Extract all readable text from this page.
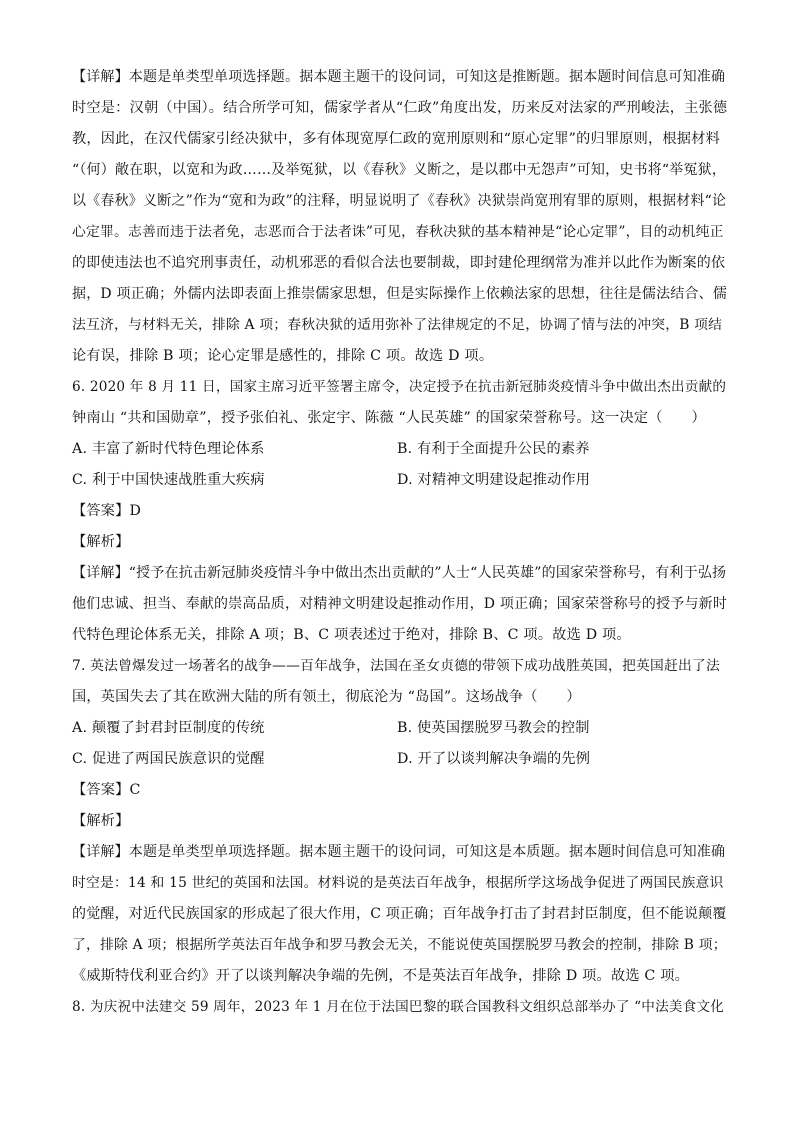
【详解】本题是单类型单项选择题。据本题主题干的设问词，可知这是推断题。据本题时间信息可知准确
时空是：汉朝（中国）。结合所学可知，儒家学者从“仁政”角度出发，历来反对法家的严刑峻法，主张德
教，因此，在汉代儒家引经决狱中，多有体现宽厚仁政的宽刑原则和“原心定罪”的归罪原则，根据材料
“（何）敞在职，以宽和为政……及举冤狱，以《春秋》义断之，是以郡中无怨声”可知，史书将“举冤狱，
以《春秋》义断之”作为“宽和为政”的注释，明显说明了《春秋》决狱崇尚宽刑宥罪的原则，根据材料“论
心定罪。志善而违于法者免，志恶而合于法者诛”可见，春秋决狱的基本精神是“论心定罪”，目的动机纯正
的即使违法也不追究刑事责任，动机邪恶的看似合法也要制裁，即封建伦理纲常为准并以此作为断案的依
据，D 项正确；外儒内法即表面上推崇儒家思想，但是实际操作上依赖法家的思想，往往是儒法结合、儒
法互济，与材料无关，排除 A 项；春秋决狱的适用弥补了法律规定的不足，协调了情与法的冲突，B 项结
论有误，排除 B 项；论心定罪是感性的，排除 C 项。故选 D 项。
6. 2020 年 8 月 11 日，国家主席习近平签署主席令，决定授予在抗击新冠肺炎疫情斗争中做出杰出贡献的
钟南山 “共和国勋章”，授予张伯礼、张定宇、陈薇 “人民英雄” 的国家荣誉称号。这一决定（　　）
A. 丰富了新时代特色理论体系	B. 有利于全面提升公民的素养
C. 利于中国快速战胜重大疾病	D. 对精神文明建设起推动作用
【答案】D
【解析】
【详解】“授予在抗击新冠肺炎疫情斗争中做出杰出贡献的”人士“人民英雄”的国家荣誉称号，有利于弘扬
他们忠诚、担当、奉献的崇高品质，对精神文明建设起推动作用，D 项正确；国家荣誉称号的授予与新时
代特色理论体系无关，排除 A 项；B、C 项表述过于绝对，排除 B、C 项。故选 D 项。
7. 英法曾爆发过一场著名的战争——百年战争，法国在圣女贞德的带领下成功战胜英国，把英国赶出了法
国，英国失去了其在欧洲大陆的所有领土，彻底沦为 “岛国”。这场战争（　　）
A. 颠覆了封君封臣制度的传统	B. 使英国摆脱罗马教会的控制
C. 促进了两国民族意识的觉醒	D. 开了以谈判解决争端的先例
【答案】C
【解析】
【详解】本题是单类型单项选择题。据本题主题干的设问词，可知这是本质题。据本题时间信息可知准确
时空是：14 和 15 世纪的英国和法国。材料说的是英法百年战争，根据所学这场战争促进了两国民族意识
的觉醒，对近代民族国家的形成起了很大作用，C 项正确；百年战争打击了封君封臣制度，但不能说颠覆
了，排除 A 项；根据所学英法百年战争和罗马教会无关，不能说使英国摆脱罗马教会的控制，排除 B 项；
《威斯特伐利亚合约》开了以谈判解决争端的先例，不是英法百年战争，排除 D 项。故选 C 项。
8. 为庆祝中法建交 59 周年，2023 年 1 月在位于法国巴黎的联合国教科文组织总部举办了 “中法美食文化
